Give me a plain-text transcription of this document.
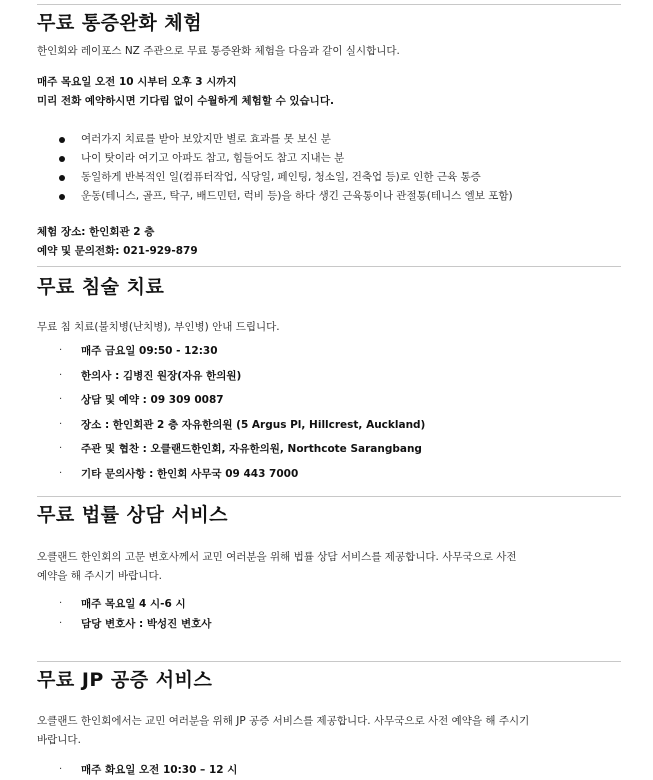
무료 통증완화 체험

한인회와 레이포스 NZ 주관으로 무료 통증완화 체험을 다음과 같이 실시합니다.

매주 목요일 오전 10 시부터 오후 3 시까지

미리 전화 예약하시면 기다림 없이 수월하게 체험할 수 있습니다.

여러가지 치료를 받아 보았지만 별로 효과를 못 보신 분
나이 탓이라 여기고 아파도 참고, 힘들어도 참고 지내는 분
동일하게 반복적인 일(컴퓨터작업, 식당일, 페인팅, 청소일, 건축업 등)로 인한 근육 통증
운동(테니스, 골프, 탁구, 배드민턴, 럭비 등)을 하다 생긴 근육통이나 관절통(테니스 엘보 포함)

체험 장소: 한인회관 2 층

예약 및 문의전화: 021-929-879

무료 침술 치료

무료 침 치료(불치병(난치병), 부인병) 안내 드립니다.

· 매주 금요일 09:50 - 12:30
· 한의사 : 김병진 원장(자유 한의원)
· 상담 및 예약 : 09 309 0087
· 장소 : 한인회관 2 층 자유한의원 (5 Argus Pl, Hillcrest, Auckland)
· 주관 및 협찬 : 오클랜드한인회, 자유한의원, Northcote Sarangbang
· 기타 문의사항 : 한인회 사무국 09 443 7000
무료 법률 상담 서비스

오클랜드 한인회의 고문 변호사께서 교민 여러분을 위해 법률 상담 서비스를 제공합니다. 사무국으로 사전

예약을 해 주시기 바랍니다.

· 매주 목요일 4 시-6 시
· 담당 변호사 : 박성진 변호사
무료 JP 공증 서비스

오클랜드 한인회에서는 교민 여러분을 위해 JP 공증 서비스를 제공합니다. 사무국으로 사전 예약을 해 주시기

바랍니다.

· 매주 화요일 오전 10:30 – 12 시
